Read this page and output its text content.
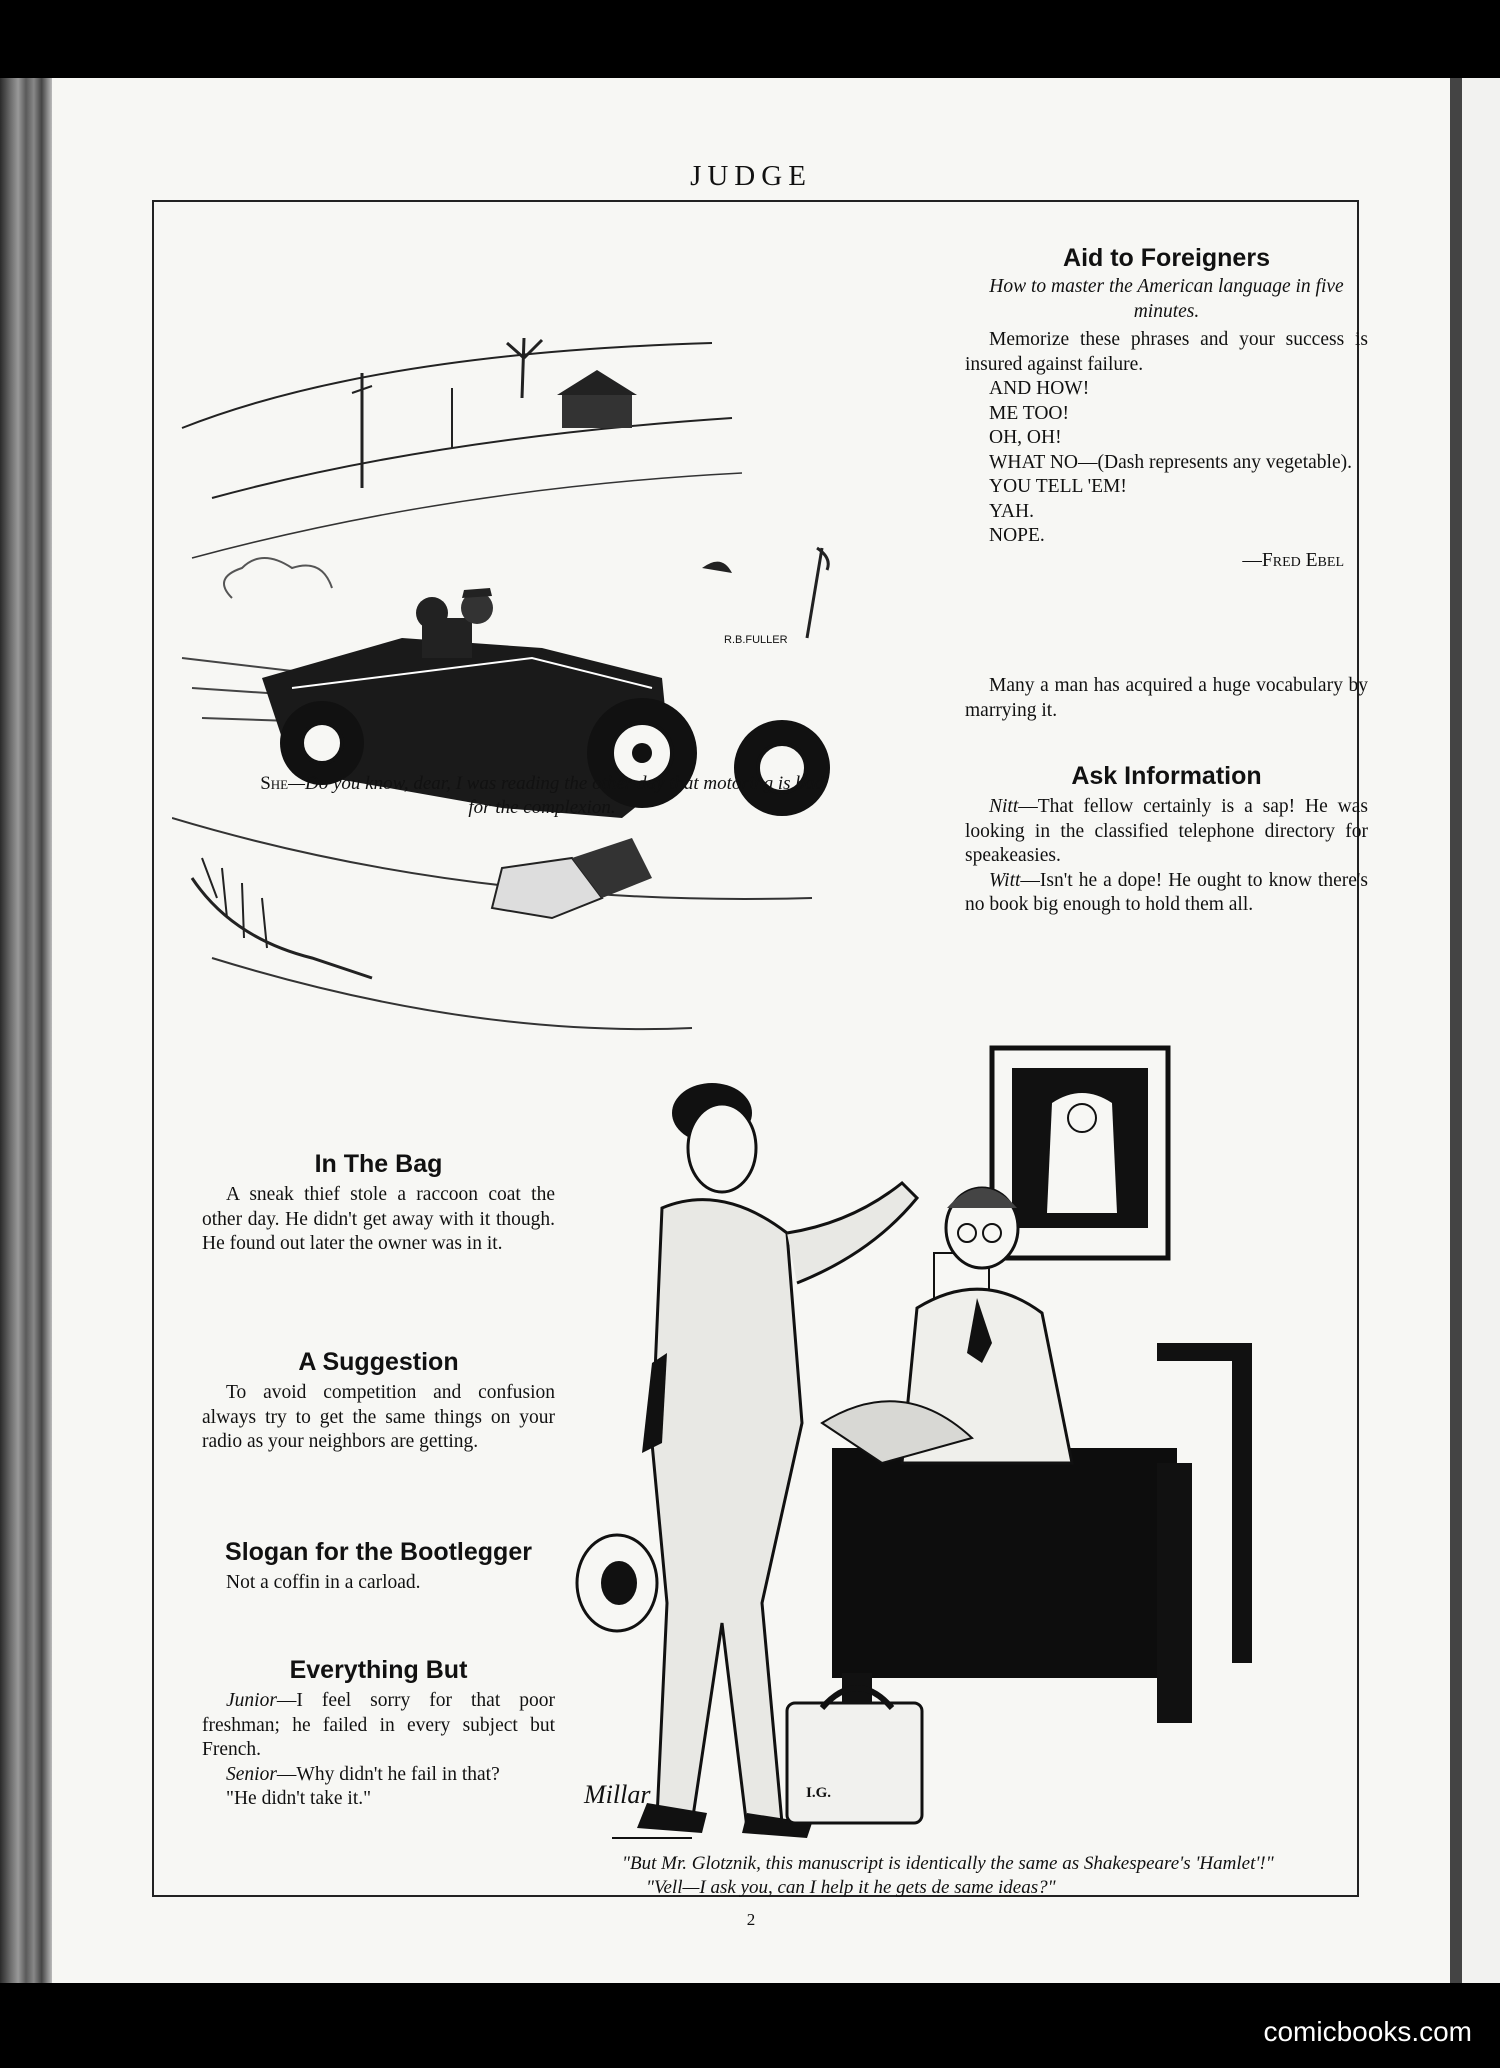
JUDGE
R.B.FULLER
She—Do you know, dear, I was reading the other day that motoring is bad for the complexion.
Aid to Foreigners
How to master the American language in five minutes.
Memorize these phrases and your success is insured against failure.
AND HOW!
ME TOO!
OH, OH!
WHAT NO—(Dash represents any vegetable).
YOU TELL 'EM!
YAH.
NOPE.
—Fred Ebel
Many a man has acquired a huge vocabulary by marrying it.
Ask Information
Nitt—That fellow certainly is a sap! He was looking in the classified telephone directory for speakeasies.
Witt—Isn't he a dope! He ought to know there's no book big enough to hold them all.
In The Bag
A sneak thief stole a raccoon coat the other day. He didn't get away with it though. He found out later the owner was in it.
A Suggestion
To avoid competition and confusion always try to get the same things on your radio as your neighbors are getting.
Slogan for the Bootlegger
Not a coffin in a carload.
Everything But
Junior—I feel sorry for that poor freshman; he failed in every subject but French.
Senior—Why didn't he fail in that?
"He didn't take it."	I.G.
Millar
"But Mr. Glotznik, this manuscript is identically the same as Shakespeare's 'Hamlet'!"
"Vell—I ask you, can I help it he gets de same ideas?"
2
comicbooks.com
